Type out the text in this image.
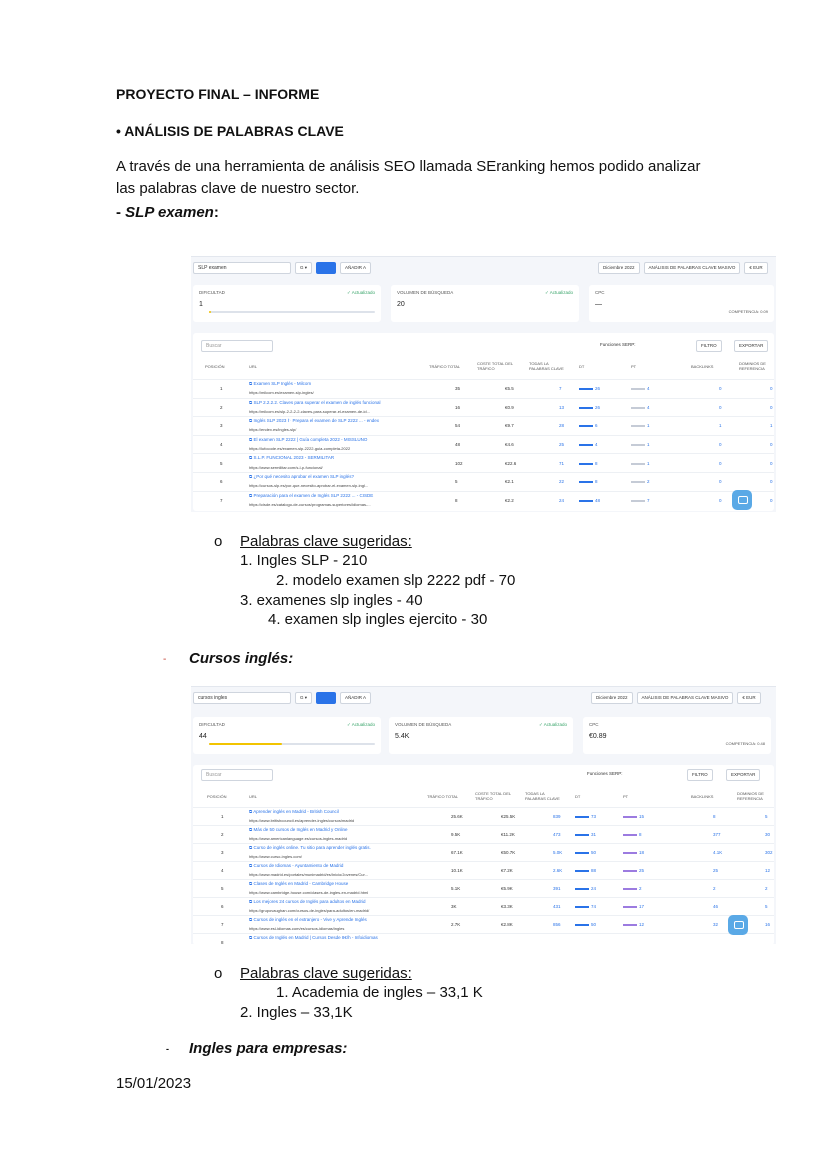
PROYECTO FINAL – INFORME
• ANÁLISIS DE PALABRAS CLAVE
A través de una herramienta de análisis SEO llamada SEranking hemos podido analizar
las palabras clave de nuestro sector.
- SLP examen:
SLP examen	G ▾	AÑADIR A	Diciembre 2022	ANÁLISIS DE PALABRAS CLAVE MASIVO	€ EUR
DIFICULTAD	✓ Actualizado
1
VOLUMEN DE BÚSQUEDA	✓ Actualizado
20
CPC
—
COMPETENCIA: 0.09
Buscar	Funciones SERP:	FILTRO	EXPORTAR
POSICIÓN	URL	TRÁFICO TOTAL	COSTE TOTAL DEL TRÁFICO
TODAS LA PALABRAS CLAVE	DT	PT	BACKLINKS	DOMINIOS DE REFERENCIA
1
⧉ Examen SLP Inglés - Milcom
https://milcom.es/examen-slp-ingles/
35	€5.5	7	26	4	0	0
2
⧉ SLP 2.2.2.2. Claves para superar el examen de inglés funcional
https://milcom.es/slp-2-2-2-2-claves-para-superar-el-examen-de-id...
16	€0.9	13	26	4	0	0
3
⧉ Inglés SLP 2023 ▷ Prepara el examen de SLP 2222 ... - endex
https://endex.es/ingles-slp/
54	€9.7	28	6	1	1	1
4
⧉ El examen SLP 2222 | Guía completa 2022 - MISSLUNO
https://lufocode.es/examen-slp-2222-guia-completa-2022
48	€4.6	25	4	1	0	0
5
⧉ S.L.P. FUNCIONAL 2023 - SERMILITAR
https://www.sermilitar.com/s-l-p-funcional/
102	€22.6	71	8	1	0	0
6
⧉ ¿Por qué necesito aprobar el examen SLP inglés?
https://cursos-slp.es/por-que-necesito-aprobar-el-examen-slp-ingl...
5	€2.1	22	8	2	0	0
7
⧉ Preparación para el examen de Inglés SLP 2222 ... - CISDE
https://cisde.es/catalogo-de-cursos/programas-superiores/idiomas-...
8	€2.2	24	48	7	0	0
o Palabras clave sugeridas:
1. Ingles SLP - 210
2. modelo examen slp 2222 pdf - 70
3. examenes slp ingles - 40
4. examen slp ingles ejercito - 30
- Cursos inglés:
cursos ingles	G ▾	AÑADIR A	Diciembre 2022	ANÁLISIS DE PALABRAS CLAVE MASIVO	€ EUR
DIFICULTAD	✓ Actualizado
44
VOLUMEN DE BÚSQUEDA	✓ Actualizado
5.4K
CPC
€0.89
COMPETENCIA: 0.48
Buscar	Funciones SERP:	FILTRO	EXPORTAR
POSICIÓN	URL	TRÁFICO TOTAL	COSTE TOTAL DEL TRÁFICO
TODAS LA PALABRAS CLAVE	DT	PT	BACKLINKS	DOMINIOS DE REFERENCIA
1
⧉ Aprender inglés en Madrid - British Council
https://www.britishcouncil.es/aprender-ingles/cursos/madrid
25.6K	€25.5K	839	73	15	8	5
2
⧉ Más de 50 cursos de Inglés en Madrid y Online
https://www.americanlanguage.es/cursos-ingles-madrid
9.5K	€11.2K	473	31	8	377	30
3
⧉ Curso de inglés online. Tu sitio para aprender inglés gratis.
https://www.curso-ingles.com/
67.1K	€50.7K	5.0K	50	18	4.1K	302
4
⧉ Cursos de Idiomas - Ayuntamiento de Madrid
https://www.madrid.es/portales/munimadrid/es/Inicio/Jovenes/Cur...
10.1K	€7.2K	2.6K	88	25	25	12
5
⧉ Clases de Inglés en Madrid - Cambridge House
https://www.cambridge-house.com/clases-de-ingles-en-madrid.html
5.1K	€5.9K	391	24	2	2	2
6
⧉ Los mejores 24 cursos de Inglés para adultos en Madrid
https://grupovaughan.com/cursos-de-ingles/para-adultos/en-madrid/
3K	€3.3K	431	74	17	46	5
7
⧉ Cursos de inglés en el extranjero - Vive y Aprende Inglés
https://www.esl-idiomas.com/es/cursos-idiomas/ingles
2.7K	€2.8K	856	50	12	32	16
8
⧉ Cursos de Inglés en Madrid | Cursos Desde 8€/h - Infoidiomas
o Palabras clave sugeridas:
1. Academia de ingles – 33,1 K
2. Ingles – 33,1K
- Ingles para empresas:
15/01/2023
